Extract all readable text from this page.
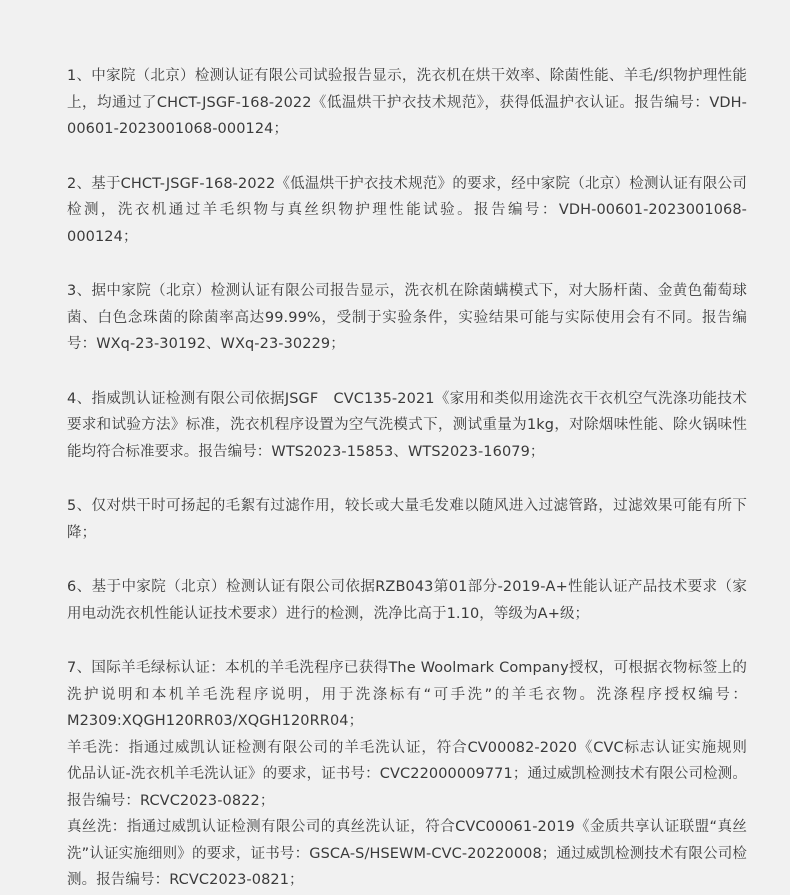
1、中家院（北京）检测认证有限公司试验报告显示，洗衣机在烘干效率、除菌性能、羊毛/织物护理性能上，均通过了CHCT-JSGF-168-2022《低温烘干护衣技术规范》，获得低温护衣认证。报告编号：VDH-00601-2023001068-000124；

2、基于CHCT-JSGF-168-2022《低温烘干护衣技术规范》的要求，经中家院（北京）检测认证有限公司检测，洗衣机通过羊毛织物与真丝织物护理性能试验。报告编号：VDH-00601-2023001068-000124；

3、据中家院（北京）检测认证有限公司报告显示，洗衣机在除菌螨模式下，对大肠杆菌、金黄色葡萄球菌、白色念珠菌的除菌率高达99.99%，受制于实验条件，实验结果可能与实际使用会有不同。报告编号：WXq-23-30192、WXq-23-30229；

4、指威凯认证检测有限公司依据JSGF　CVC135-2021《家用和类似用途洗衣干衣机空气洗涤功能技术要求和试验方法》标准，洗衣机程序设置为空气洗模式下，测试重量为1kg，对除烟味性能、除火锅味性能均符合标准要求。报告编号：WTS2023-15853、WTS2023-16079；

5、仅对烘干时可扬起的毛絮有过滤作用，较长或大量毛发难以随风进入过滤管路，过滤效果可能有所下降；

6、基于中家院（北京）检测认证有限公司依据RZB043第01部分-2019-A+性能认证产品技术要求（家用电动洗衣机性能认证技术要求）进行的检测，洗净比高于1.10，等级为A+级；

7、国际羊毛绿标认证：本机的羊毛洗程序已获得The Woolmark Company授权，可根据衣物标签上的洗护说明和本机羊毛洗程序说明，用于洗涤标有“可手洗”的羊毛衣物。洗涤程序授权编号：M2309:XQGH120RR03/XQGH120RR04；

羊毛洗：指通过威凯认证检测有限公司的羊毛洗认证，符合CV00082-2020《CVC标志认证实施规则　优品认证-洗衣机羊毛洗认证》的要求，证书号：CVC22000009771；通过威凯检测技术有限公司检测。报告编号：RCVC2023-0822；

真丝洗：指通过威凯认证检测有限公司的真丝洗认证，符合CVC00061-2019《金质共享认证联盟“真丝洗”认证实施细则》的要求，证书号：GSCA-S/HSEWM-CVC-20220008；通过威凯检测技术有限公司检测。报告编号：RCVC2023-0821；
